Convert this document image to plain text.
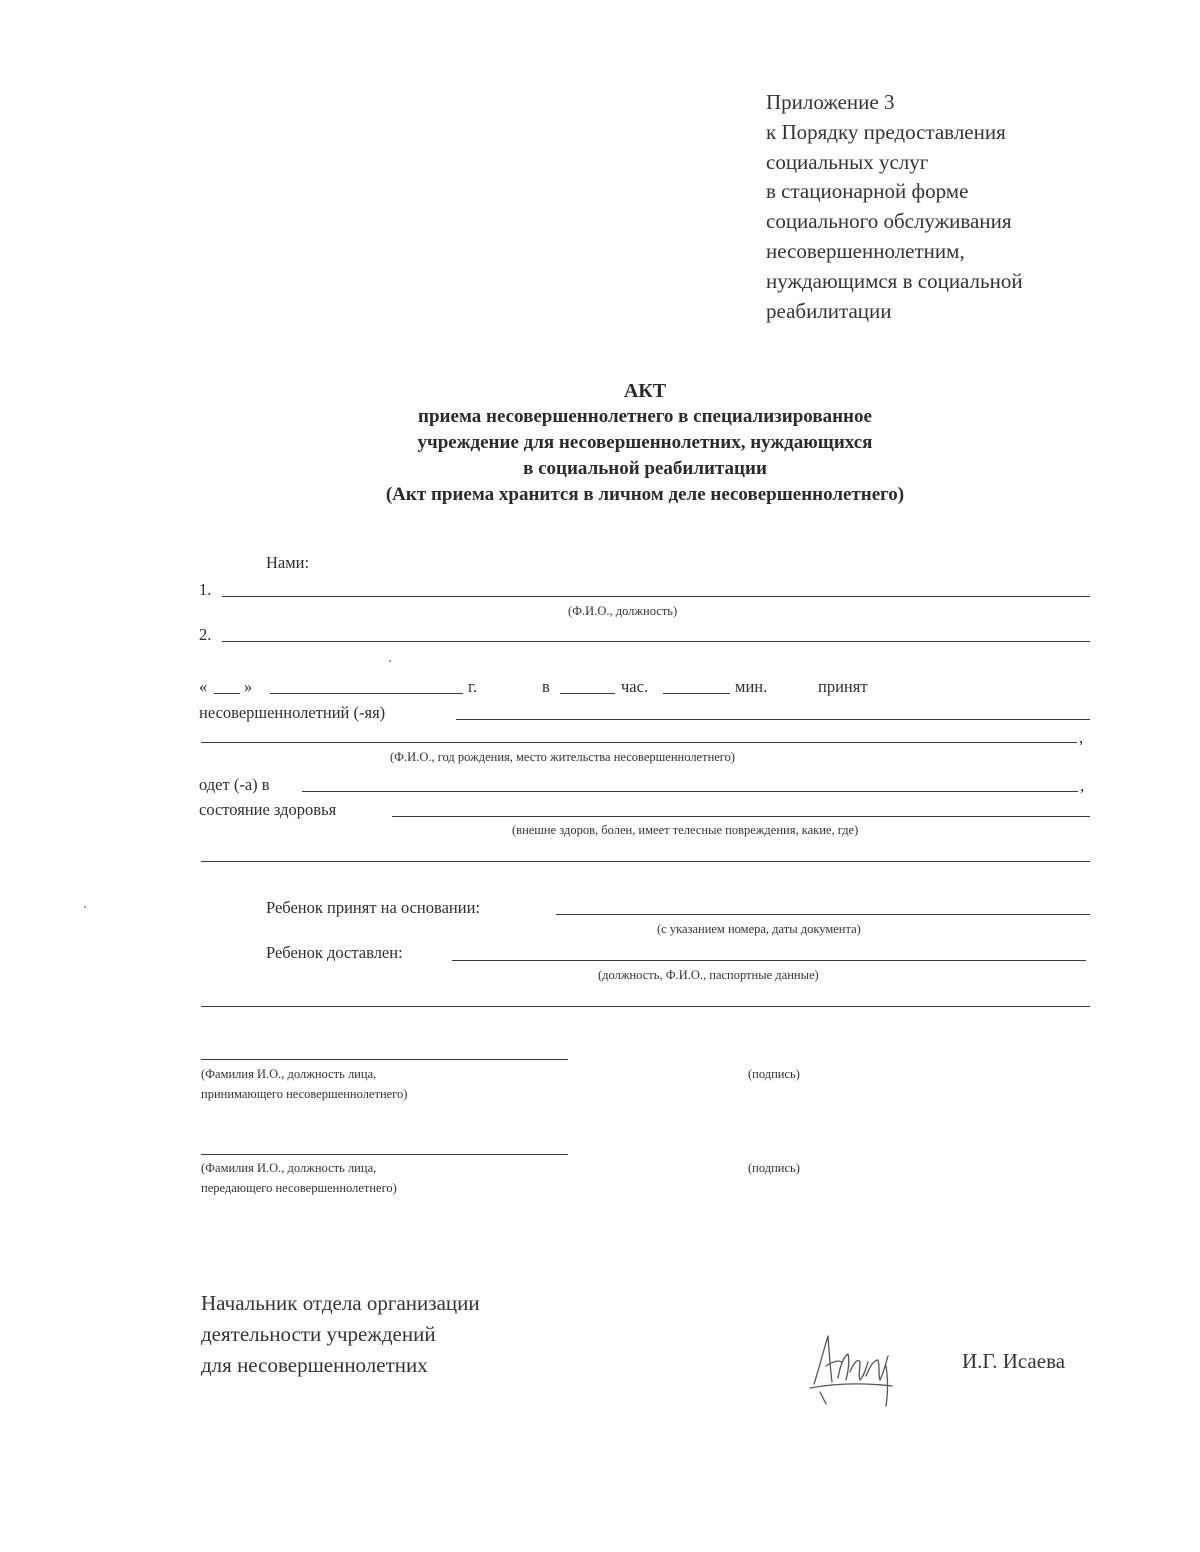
Приложение 3
к Порядку предоставления
социальных услуг
в стационарной форме
социального обслуживания
несовершеннолетним,
нуждающимся в социальной
реабилитации
АКТ
приема несовершеннолетнего в специализированное
учреждение для несовершеннолетних, нуждающихся
в социальной реабилитации
(Акт приема хранится в личном деле несовершеннолетнего)
Нами:
1.
(Ф.И.О., должность)
2.
« »	г.	в	час.	мин.	принят
несовершеннолетний (-яя)
,
(Ф.И.О., год рождения, место жительства несовершеннолетнего)
одет (-а) в	,
состояние здоровья
(внешне здоров, болен, имеет телесные повреждения, какие, где)
Ребенок принят на основании:
(с указанием номера, даты документа)
Ребенок доставлен:
(должность, Ф.И.О., паспортные данные)
(Фамилия И.О., должность лица,
принимающего несовершеннолетнего)
(подпись)
(Фамилия И.О., должность лица,
передающего несовершеннолетнего)
(подпись)
Начальник отдела организации
деятельности учреждений
для несовершеннолетних	И.Г. Исаева
